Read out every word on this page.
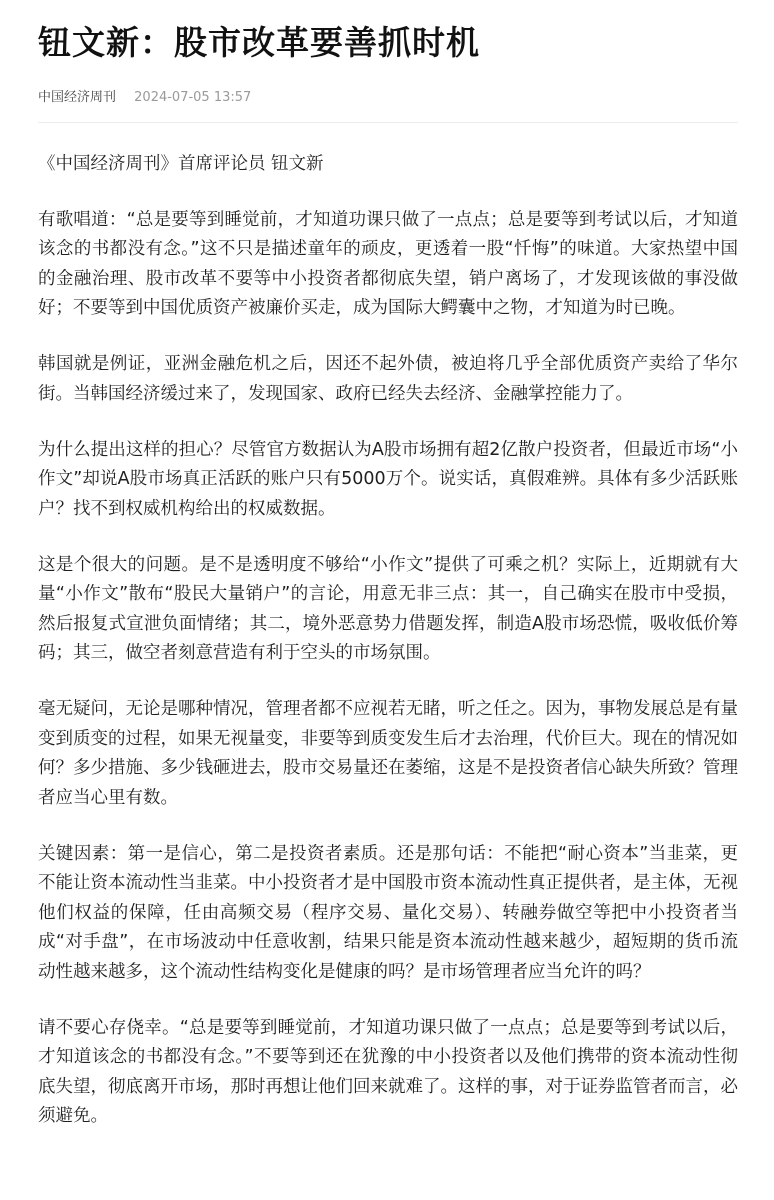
钮文新：股市改革要善抓时机
中国经济周刊 2024-07-05 13:57

《中国经济周刊》首席评论员 钮文新

有歌唱道：“总是要等到睡觉前，才知道功课只做了一点点；总是要等到考试以后，才知道该念的书都没有念。”这不只是描述童年的顽皮，更透着一股“忏悔”的味道。大家热望中国的金融治理、股市改革不要等中小投资者都彻底失望，销户离场了，才发现该做的事没做好；不要等到中国优质资产被廉价买走，成为国际大鳄囊中之物，才知道为时已晚。

韩国就是例证，亚洲金融危机之后，因还不起外债，被迫将几乎全部优质资产卖给了华尔街。当韩国经济缓过来了，发现国家、政府已经失去经济、金融掌控能力了。

为什么提出这样的担心？尽管官方数据认为A股市场拥有超2亿散户投资者，但最近市场“小作文”却说A股市场真正活跃的账户只有5000万个。说实话，真假难辨。具体有多少活跃账户？找不到权威机构给出的权威数据。

这是个很大的问题。是不是透明度不够给“小作文”提供了可乘之机？实际上，近期就有大量“小作文”散布“股民大量销户”的言论，用意无非三点：其一，自己确实在股市中受损，然后报复式宣泄负面情绪；其二，境外恶意势力借题发挥，制造A股市场恐慌，吸收低价筹码；其三，做空者刻意营造有利于空头的市场氛围。

毫无疑问，无论是哪种情况，管理者都不应视若无睹，听之任之。因为，事物发展总是有量变到质变的过程，如果无视量变，非要等到质变发生后才去治理，代价巨大。现在的情况如何？多少措施、多少钱砸进去，股市交易量还在萎缩，这是不是投资者信心缺失所致？管理者应当心里有数。

关键因素：第一是信心，第二是投资者素质。还是那句话：不能把“耐心资本”当韭菜，更不能让资本流动性当韭菜。中小投资者才是中国股市资本流动性真正提供者，是主体，无视他们权益的保障，任由高频交易（程序交易、量化交易）、转融券做空等把中小投资者当成“对手盘”，在市场波动中任意收割，结果只能是资本流动性越来越少，超短期的货币流动性越来越多，这个流动性结构变化是健康的吗？是市场管理者应当允许的吗？

请不要心存侥幸。“总是要等到睡觉前，才知道功课只做了一点点；总是要等到考试以后，才知道该念的书都没有念。”不要等到还在犹豫的中小投资者以及他们携带的资本流动性彻底失望，彻底离开市场，那时再想让他们回来就难了。这样的事，对于证券监管者而言，必须避免。
